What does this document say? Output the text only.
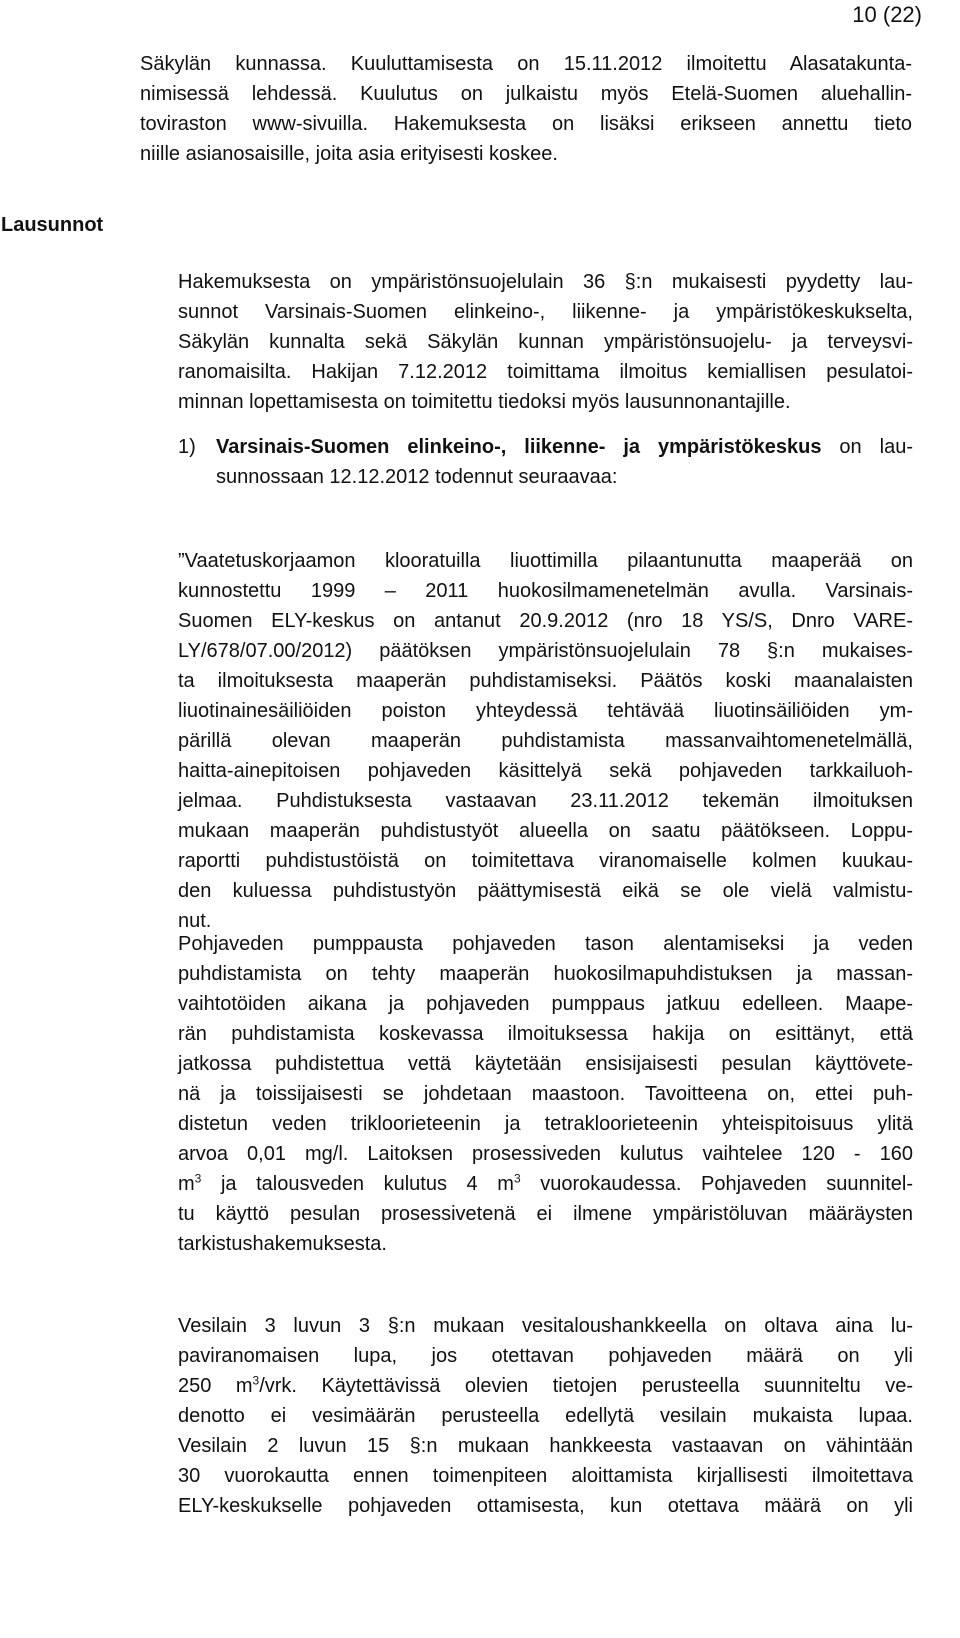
10 (22)
Säkylän kunnassa. Kuuluttamisesta on 15.11.2012 ilmoitettu Alasatakunta-
nimisessä lehdessä. Kuulutus on julkaistu myös Etelä-Suomen aluehallin-
toviraston www-sivuilla. Hakemuksesta on lisäksi erikseen annettu tieto
niille asianosaisille, joita asia erityisesti koskee.
Lausunnot
Hakemuksesta on ympäristönsuojelulain 36 §:n mukaisesti pyydetty lau-
sunnot Varsinais-Suomen elinkeino-, liikenne- ja ympäristökeskukselta,
Säkylän kunnalta sekä Säkylän kunnan ympäristönsuojelu- ja terveysvi-
ranomaisilta. Hakijan 7.12.2012 toimittama ilmoitus kemiallisen pesulatoi-
minnan lopettamisesta on toimitettu tiedoksi myös lausunnonantajille.
1) Varsinais-Suomen elinkeino-, liikenne- ja ympäristökeskus on lau-
sunnossaan 12.12.2012 todennut seuraavaa:
”Vaatetuskorjaamon klooratuilla liuottimilla pilaantunutta maaperää on
kunnostettu 1999 – 2011 huokosilmamenetelmän avulla. Varsinais-
Suomen ELY-keskus on antanut 20.9.2012 (nro 18 YS/S, Dnro VARE-
LY/678/07.00/2012) päätöksen ympäristönsuojelulain 78 §:n mukaises-
ta ilmoituksesta maaperän puhdistamiseksi. Päätös koski maanalaisten
liuotinainesäiliöiden poiston yhteydessä tehtävää liuotinsäiliöiden ym-
pärillä olevan maaperän puhdistamista massanvaihtomenetelmällä,
haitta-ainepitoisen pohjaveden käsittelyä sekä pohjaveden tarkkailuoh-
jelmaa. Puhdistuksesta vastaavan 23.11.2012 tekemän ilmoituksen
mukaan maaperän puhdistustyöt alueella on saatu päätökseen. Loppu-
raportti puhdistustöistä on toimitettava viranomaiselle kolmen kuukau-
den kuluessa puhdistustyön päättymisestä eikä se ole vielä valmistu-
nut.
Pohjaveden pumppausta pohjaveden tason alentamiseksi ja veden
puhdistamista on tehty maaperän huokosilmapuhdistuksen ja massan-
vaihtotöiden aikana ja pohjaveden pumppaus jatkuu edelleen. Maape-
rän puhdistamista koskevassa ilmoituksessa hakija on esittänyt, että
jatkossa puhdistettua vettä käytetään ensisijaisesti pesulan käyttövete-
nä ja toissijaisesti se johdetaan maastoon. Tavoitteena on, ettei puh-
distetun veden trikloorieteenin ja tetrakloorieteenin yhteispitoisuus ylitä
arvoa 0,01 mg/l. Laitoksen prosessiveden kulutus vaihtelee 120 - 160
$m^3$ ja talousveden kulutus 4 $m^3$ vuorokaudessa. Pohjaveden suunnitel-
tu käyttö pesulan prosessivetenä ei ilmene ympäristöluvan määräysten
tarkistushakemuksesta.
Vesilain 3 luvun 3 §:n mukaan vesitaloushankkeella on oltava aina lu-
paviranomaisen lupa, jos otettavan pohjaveden määrä on yli
250 $m^3$/vrk. Käytettävissä olevien tietojen perusteella suunniteltu ve-
denotto ei vesimäärän perusteella edellytä vesilain mukaista lupaa.
Vesilain 2 luvun 15 §:n mukaan hankkeesta vastaavan on vähintään
30 vuorokautta ennen toimenpiteen aloittamista kirjallisesti ilmoitettava
ELY-keskukselle pohjaveden ottamisesta, kun otettava määrä on yli
